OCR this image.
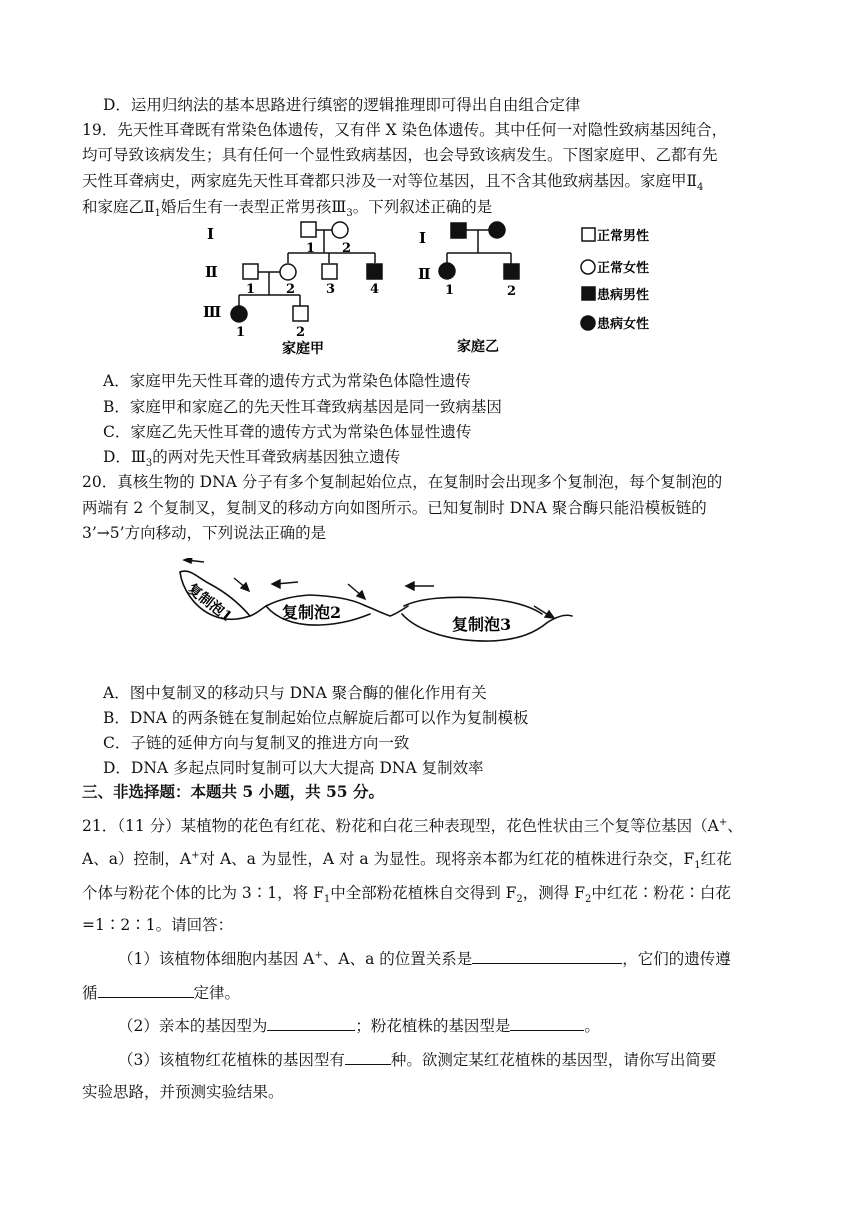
D．运用归纳法的基本思路进行缜密的逻辑推理即可得出自由组合定律
19．先天性耳聋既有常染色体遗传，又有伴 X 染色体遗传。其中任何一对隐性致病基因纯合，
均可导致该病发生；具有任何一个显性致病基因，也会导致该病发生。下图家庭甲、乙都有先
天性耳聋病史，两家庭先天性耳聋都只涉及一对等位基因，且不含其他致病基因。家庭甲$Ⅱ_4$
和家庭乙$Ⅱ_1$婚后生有一表型正常男孩$Ⅲ_3$。下列叙述正确的是
Ⅰ
Ⅱ
Ⅲ
1 2
1 2 3	4
1	2
家庭甲
Ⅰ
Ⅱ
1	2
家庭乙
正常男性
正常女性
患病男性
患病女性
A．家庭甲先天性耳聋的遗传方式为常染色体隐性遗传
B．家庭甲和家庭乙的先天性耳聋致病基因是同一致病基因
C．家庭乙先天性耳聋的遗传方式为常染色体显性遗传
D．$Ⅲ_3$的两对先天性耳聋致病基因独立遗传
20．真核生物的 DNA 分子有多个复制起始位点，在复制时会出现多个复制泡，每个复制泡的
两端有 2 个复制叉，复制叉的移动方向如图所示。已知复制时 DNA 聚合酶只能沿模板链的
3’→5’方向移动，下列说法正确的是
复制泡1	复制泡2
复制泡3
A．图中复制叉的移动只与 DNA 聚合酶的催化作用有关
B．DNA 的两条链在复制起始位点解旋后都可以作为复制模板
C．子链的延伸方向与复制叉的推进方向一致
D．DNA 多起点同时复制可以大大提高 DNA 复制效率
三、非选择题：本题共 5 小题，共 55 分。
21．（11 分）某植物的花色有红花、粉花和白花三种表现型，花色性状由三个复等位基因（A+、
A、a）控制，A+对 A、a 为显性，A 对 a 为显性。现将亲本都为红花的植株进行杂交，$F_1$红花
个体与粉花个体的比为 3∶1，将 $F_1$中全部粉花植株自交得到 $F_2$，测得 $F_2$中红花∶粉花∶白花
=1∶2∶1。请回答：
（1）该植物体细胞内基因 A+、A、a 的位置关系是	，它们的遗传遵
循	定律。
（2）亲本的基因型为	；粉花植株的基因型是	。
（3）该植物红花植株的基因型有	种。欲测定某红花植株的基因型，请你写出简要
实验思路，并预测实验结果。
